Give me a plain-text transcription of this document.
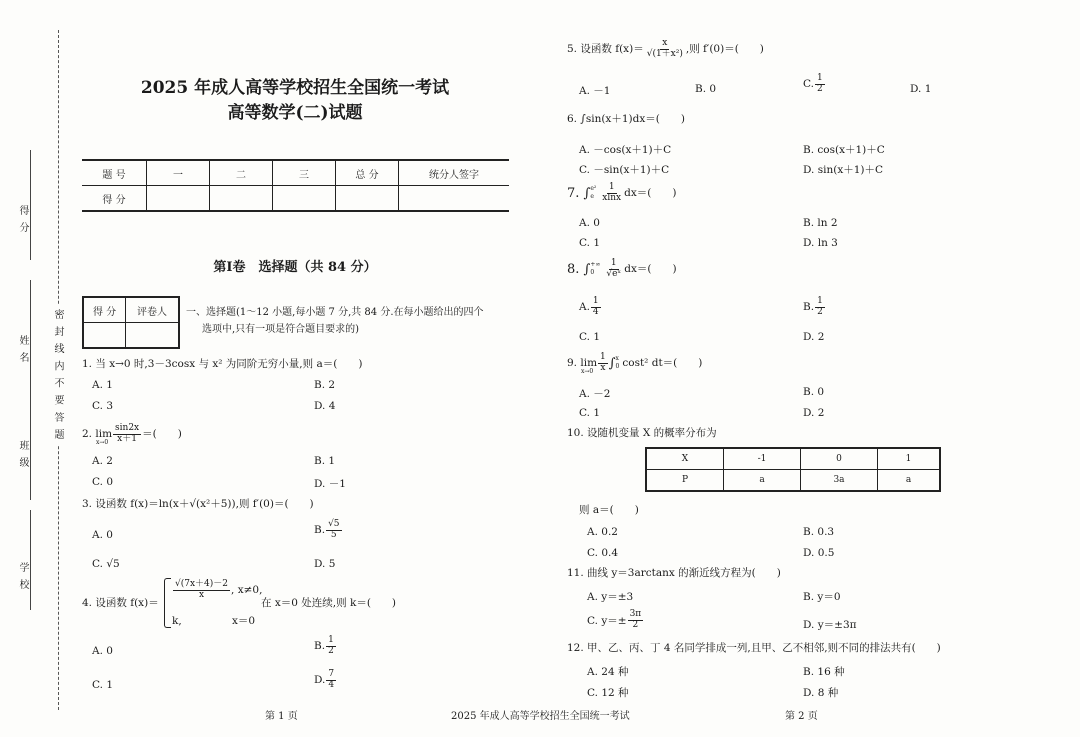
得 分
姓 名 密 封 线 内 不 要 答 题
班 级
学 校
2025 年成人高等学校招生全国统一考试
高等数学(二)试题
题 号	一	二	三	总 分	统分人签字
得 分					
第Ⅰ卷　选择题（共 84 分）
得 分	评卷人
	一、选择题(1～12 小题,每小题 7 分,共 84 分.在每小题给出的四个
选项中,只有一项是符合题目要求的)
1. 当 x→0 时,3－3cosx 与 x² 为同阶无穷小量,则 a＝(　　)
A. 1	B. 2
C. 3	D. 4
2. lim
$x\to 0 \frac{\sin 2x}{x+1}$ ＝(　　)
A. 2	B. 1
C. 0	D. －1
3. 设函数 f(x)＝ln(x＋√(x²＋5)),则 f′(0)＝(　　)
A. 0	B. $\frac{√5}{5}$
C. √5	D. 5
4. 设函数 f(x)＝
$\frac{√(7x+4)-2}{x}$ , x≠0,
k,	x＝0
在 x＝0 处连续,则 k＝(　　)
A. 0	B. $\frac{1}{2}$
C. 1	D. $\frac{7}{4}$
5. 设函数 $f(x)= \frac{x}{\text{√(1＋x²)}}$ ,则 f′(0)＝(　　)
A. －1	B. 0	C. $\frac{1}{2}$	D. 1
6. ∫sin(x＋1)dx＝(　　)
A. －cos(x＋1)＋C	B. cos(x＋1)＋C
C. －sin(x＋1)＋C	D. sin(x＋1)＋C
7. ∫ e²
e $\frac{1}{xlnx} dx=$(　　)
A. 0	B. ln 2
C. 1	D. ln 3
8. ∫ +∞
0	$\frac{1}{\text{√eˣ}} dx=$(　　)
A. $\frac{1}{4}$	B. $\frac{1}{2}$
C. 1	D. 2
9. lim
$x\to 0 \frac{1}{x}$ ∫ x
0 cost² dt＝(　　)
A. －2	B. 0
C. 1	D. 2
10. 设随机变量 X 的概率分布为
X	-1	0	1
P	a	3a	a
则 a＝(　　)
A. 0.2	B. 0.3
C. 0.4	D. 0.5
11. 曲线 y＝3arctanx 的渐近线方程为(　　)
A. y＝±3	B. y＝0
C. $y=\pm \frac{3\pi}{2}$	D. y＝±3π
12. 甲、乙、丙、丁 4 名同学排成一列,且甲、乙不相邻,则不同的排法共有(　　)
A. 24 种	B. 16 种
C. 12 种	D. 8 种
第 1 页	2025 年成人高等学校招生全国统一考试	第 2 页
